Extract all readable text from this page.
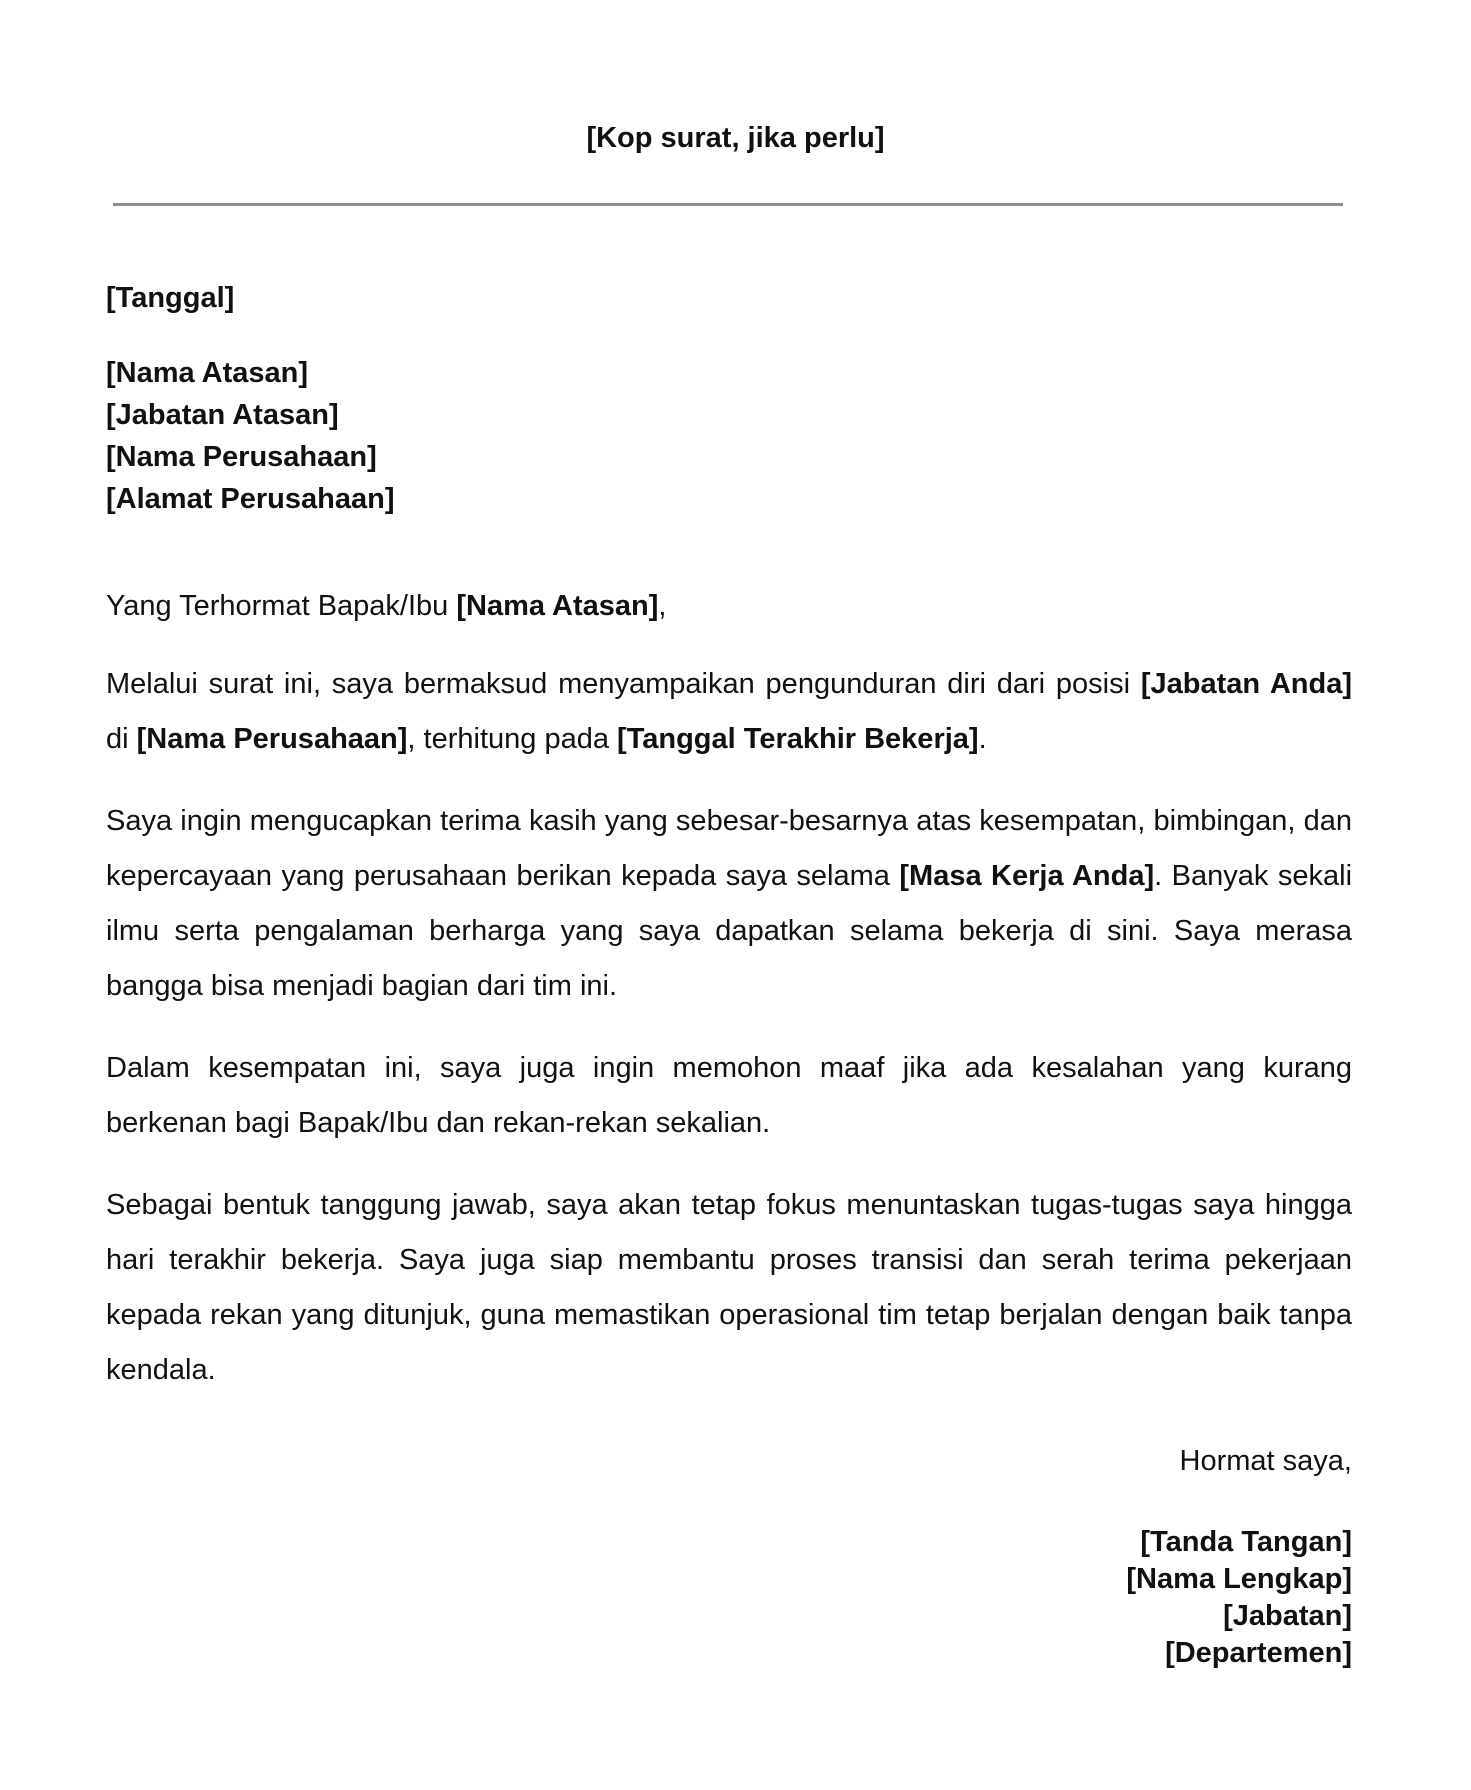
[Kop surat, jika perlu]

[Tanggal]

[Nama Atasan]
[Jabatan Atasan]
[Nama Perusahaan]
[Alamat Perusahaan]

Yang Terhormat Bapak/Ibu [Nama Atasan],

Melalui surat ini, saya bermaksud menyampaikan pengunduran diri dari posisi [Jabatan Anda] di [Nama Perusahaan], terhitung pada [Tanggal Terakhir Bekerja].

Saya ingin mengucapkan terima kasih yang sebesar-besarnya atas kesempatan, bimbingan, dan kepercayaan yang perusahaan berikan kepada saya selama [Masa Kerja Anda]. Banyak sekali ilmu serta pengalaman berharga yang saya dapatkan selama bekerja di sini. Saya merasa bangga bisa menjadi bagian dari tim ini.

Dalam kesempatan ini, saya juga ingin memohon maaf jika ada kesalahan yang kurang berkenan bagi Bapak/Ibu dan rekan-rekan sekalian.

Sebagai bentuk tanggung jawab, saya akan tetap fokus menuntaskan tugas-tugas saya hingga hari terakhir bekerja. Saya juga siap membantu proses transisi dan serah terima pekerjaan kepada rekan yang ditunjuk, guna memastikan operasional tim tetap berjalan dengan baik tanpa kendala.

Hormat saya,

[Tanda Tangan]
[Nama Lengkap]
[Jabatan]
[Departemen]
